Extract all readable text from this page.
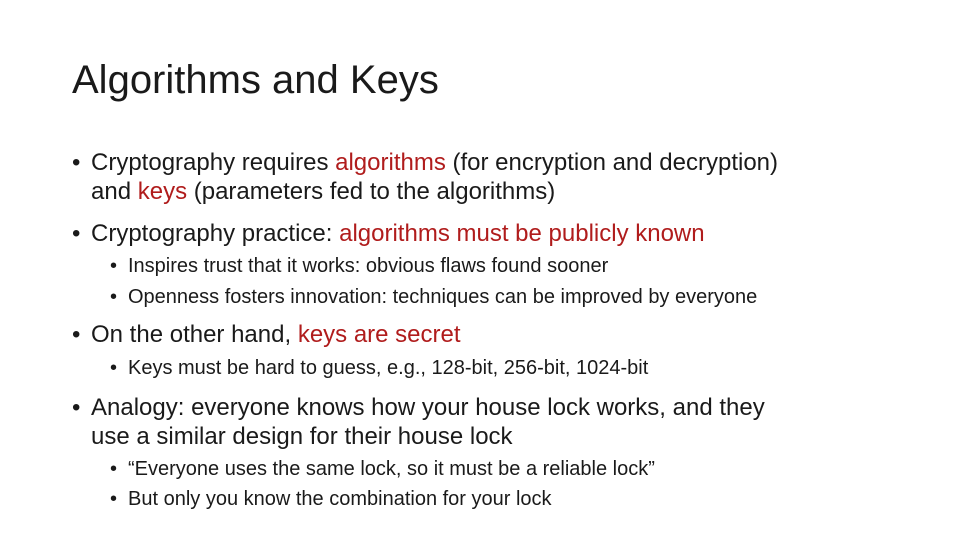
Algorithms and Keys
• Cryptography requires algorithms (for encryption and decryption)
and keys (parameters fed to the algorithms)
• Cryptography practice: algorithms must be publicly known
• Inspires trust that it works: obvious flaws found sooner
• Openness fosters innovation: techniques can be improved by everyone
• On the other hand, keys are secret
• Keys must be hard to guess, e.g., 128-bit, 256-bit, 1024-bit
• Analogy: everyone knows how your house lock works, and they
use a similar design for their house lock
• “Everyone uses the same lock, so it must be a reliable lock”
• But only you know the combination for your lock
